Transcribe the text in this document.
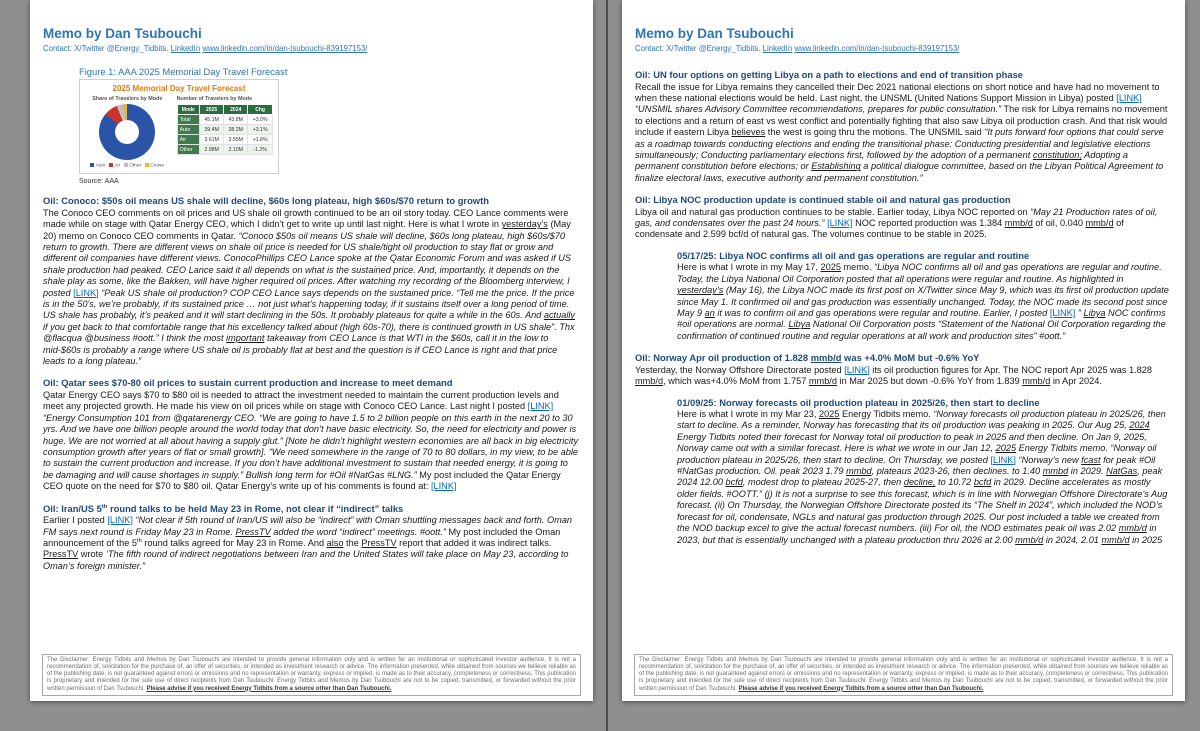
Memo by Dan Tsubouchi
Contact: X/Twitter @Energy_Tidbits. LinkedIn www.linkedin.com/in/dan-tsubouchi-839197153/
Figure 1: AAA 2025 Memorial Day Travel Forecast
2025 Memorial Day Travel Forecast
Share of Travelers by Mode
Auto	Air	Other	Cruise
Number of Travelers by Mode
Mode	2025	2024	Chg
Total	45.1M	43.8M	+3.0%
Auto	39.4M	38.2M	+3.1%
Air	3.61M	3.55M	+1.8%
Other	2.08M	2.10M	-1.2%
Source: AAA
Oil: Conoco: $50s oil means US shale will decline, $60s long plateau, high $60s/$70 return to growth
The Conoco CEO comments on oil prices and US shale oil growth continued to be an oil story today. CEO Lance comments were made while on stage with Qatar Energy CEO, which I didn’t get to write up until last night. Here is what I wrote in yesterday’s (May 20) memo on Conoco CEO comments in Qatar. “Conoco $50s oil means US shale will decline, $60s long plateau, high $60s/$70 return to growth. There are different views on shale oil price is needed for US shale/tight oil production to stay flat or grow and different oil companies have different views. ConocoPhillips CEO Lance spoke at the Qatar Economic Forum and was asked if US shale production had peaked. CEO Lance said it all depends on what is the sustained price. And, importantly, it depends on the shale play as some, like the Bakken, will have higher required oil prices. After watching my recording of the Bloomberg interview, I posted [LINK] “Peak US shale oil production? COP CEO Lance says depends on the sustained price. “Tell me the price. If the price is in the 50’s, we’re probably, if its sustained price … not just what’s happening today, if it sustains itself over a long period of time. US shale has probably, it’s peaked and it will start declining in the 50s. It probably plateaus for quite a while in the 60s. And actually if you get back to that comfortable range that his excellency talked about (high 60s-70), there is continued growth in US shale”. Thx @flacqua @business #oott.” I think the most important takeaway from CEO Lance is that WTI in the $60s, call it in the low to mid-$60s is probably a range where US shale oil is probably flat at best and the question is if CEO Lance is right and that price leads to a long plateau.”
Oil: Qatar sees $70-80 oil prices to sustain current production and increase to meet demand
Qatar Energy CEO says $70 to $80 oil is needed to attract the investment needed to maintain the current production levels and meet any projected growth. He made his view on oil prices while on stage with Conoco CEO Lance. Last night I posted [LINK] “Energy Consumption 101 from @qatarenergy CEO. “We are going to have 1.5 to 2 billion people on this earth in the next 20 to 30 yrs. And we have one billion people around the world today that don’t have basic electricity. So, the need for electricity and power is huge. We are not worried at all about having a supply glut.” [Note he didn’t highlight western economies are all back in big electricity consumption growth after years of flat or small growth]. “We need somewhere in the range of 70 to 80 dollars, in my view, to be able to sustain the current production and increase. If you don’t have additional investment to sustain that needed energy, it is going to be damaging and will cause shortages in supply.” Bullish long term for #Oil #NatGas #LNG.” My post included the Qatar Energy CEO quote on the need for $70 to $80 oil. Qatar Energy’s write up of his comments is found at: [LINK]
Oil: Iran/US 5th round talks to be held May 23 in Rome, not clear if “indirect” talks
Earlier I posted [LINK] “Not clear if 5th round of Iran/US will also be “indirect” with Oman shuttling messages back and forth. Oman FM says next round is Friday May 23 in Rome. PressTV added the word “indirect” meetings. #oott.” My post included the Oman announcement of the 5th round talks agreed for May 23 in Rome. And also the PressTV report that added it was indirect talks. PressTV wrote ‘The fifth round of indirect negotiations between Iran and the United States will take place on May 23, according to Oman’s foreign minister.”
The Disclaimer: Energy Tidbits and Memos by Dan Tsubouchi are intended to provide general information only and is written for an institutional or sophisticated investor audience. It is not a recommendation of, solicitation for the purchase of, an offer of securities, or intended as investment research or advice. The information presented, while obtained from sources we believe reliable as of the publishing date, is not guaranteed against errors or omissions and no representation or warranty, express or implied, is made as to their accuracy, completeness or correctness. This publication is proprietary and intended for the sole use of direct recipients from Dan Tsubouchi. Energy Tidbits and Memos by Dan Tsubouchi are not to be copied, transmitted, or forwarded without the prior written permission of Dan Tsubouchi. Please advise if you received Energy Tidbits from a source other than Dan Tsubouchi.
Memo by Dan Tsubouchi
Contact: X/Twitter @Energy_Tidbits. LinkedIn www.linkedin.com/in/dan-tsubouchi-839197153/
Oil: UN four options on getting Libya on a path to elections and end of transition phase
Recall the issue for Libya remains they cancelled their Dec 2021 national elections on short notice and have had no movement to when these national elections would be held. Last night, the UNSML (United Nations Support Mission in Libya) posted [LINK] “UNSMIL shares Advisory Committee recommendations, prepares for public consultation.” The risk for Libya remains no movement to elections and a return of east vs west conflict and potentially fighting that also saw Libya oil production crash. And that risk would include if eastern Libya believes the west is going thru the motions. The UNSMIL said “It puts forward four options that could serve as a roadmap towards conducting elections and ending the transitional phase: Conducting presidential and legislative elections simultaneously; Conducting parliamentary elections first, followed by the adoption of a permanent constitution; Adopting a permanent constitution before elections; or Establishing a political dialogue committee, based on the Libyan Political Agreement to finalize electoral laws, executive authority and permanent constitution.”
Oil: Libya NOC production update is continued stable oil and natural gas production
Libya oil and natural gas production continues to be stable. Earlier today, Libya NOC reported on “May 21 Production rates of oil, gas, and condensates over the past 24 hours.” [LINK] NOC reported production was 1.384 mmb/d of oil, 0.040 mmb/d of condensate and 2.599 bcf/d of natural gas. The volumes continue to be stable in 2025.
05/17/25: Libya NOC confirms all oil and gas operations are regular and routine
Here is what I wrote in my May 17, 2025 memo. “Libya NOC confirms all oil and gas operations are regular and routine. Today, the Libya National Oil Corporation posted that all operations were regular and routine. As highlighted in yesterday’s (May 16), the Libya NOC made its first post on X/Twitter since May 9, which was its first oil production update since May 1. It confirmed oil and gas production was essentially unchanged. Today, the NOC made its second post since May 9 an it was to confirm oil and gas operations were regular and routine. Earlier, I posted [LINK] ” Libya NOC confirms #oil operations are normal. Libya National Oil Corporation posts “Statement of the National Oil Corporation regarding the confirmation of continued routine and regular operations at all work and production sites” #oott.”
Oil: Norway Apr oil production of 1.828 mmb/d was +4.0% MoM but -0.6% YoY
Yesterday, the Norway Offshore Directorate posted [LINK] its oil production figures for Apr. The NOC report Apr 2025 was 1.828 mmb/d, which was+4.0% MoM from 1.757 mmb/d in Mar 2025 but down -0.6% YoY from 1.839 mmb/d in Apr 2024.
01/09/25: Norway forecasts oil production plateau in 2025/26, then start to decline
Here is what I wrote in my Mar 23, 2025 Energy Tidbits memo. “Norway forecasts oil production plateau in 2025/26, then start to decline. As a reminder, Norway has forecasting that its oil production was peaking in 2025. Our Aug 25, 2024 Energy Tidbits noted their forecast for Norway total oil production to peak in 2025 and then decline. On Jan 9, 2025, Norway came out with a similar forecast. Here is what we wrote in our Jan 12, 2025 Energy Tidbits memo. “Norway oil production plateau in 2025/26, then start to decline. On Thursday, we posted [LINK] “Norway’s new fcast for peak #Oil #NatGas production. Oil. peak 2023 1.79 mmbd, plateaus 2023-26, then declines. to 1.40 mmbd in 2029. NatGas, peak 2024 12.00 bcfd, modest drop to plateau 2025-27, then decline, to 10.72 bcfd in 2029. Decline accelerates as mostly older fields. #OOTT.” (j) It is not a surprise to see this forecast, which is in line with Norwegian Offshore Directorate’s Aug forecast. (ii) On Thursday, the Norwegian Offshore Directorate posted its “The Shelf in 2024”, which included the NOD’s forecast for oil, condensate, NGLs and natural gas production through 2025. Our post included a table we created from the NOD backup excel to give the actual forecast numbers. (iii) For oil, the NOD estimates peak oil was 2.02 mmb/d in 2023, but that is essentially unchanged with a plateau production thru 2026 at 2.00 mmb/d in 2024, 2.01 mmb/d in 2025
The Disclaimer: Energy Tidbits and Memos by Dan Tsubouchi are intended to provide general information only and is written for an institutional or sophisticated investor audience. It is not a recommendation of, solicitation for the purchase of, an offer of securities, or intended as investment research or advice. The information presented, while obtained from sources we believe reliable as of the publishing date, is not guaranteed against errors or omissions and no representation or warranty, express or implied, is made as to their accuracy, completeness or correctness. This publication is proprietary and intended for the sole use of direct recipients from Dan Tsubouchi. Energy Tidbits and Memos by Dan Tsubouchi are not to be copied, transmitted, or forwarded without the prior written permission of Dan Tsubouchi. Please advise if you received Energy Tidbits from a source other than Dan Tsubouchi.
